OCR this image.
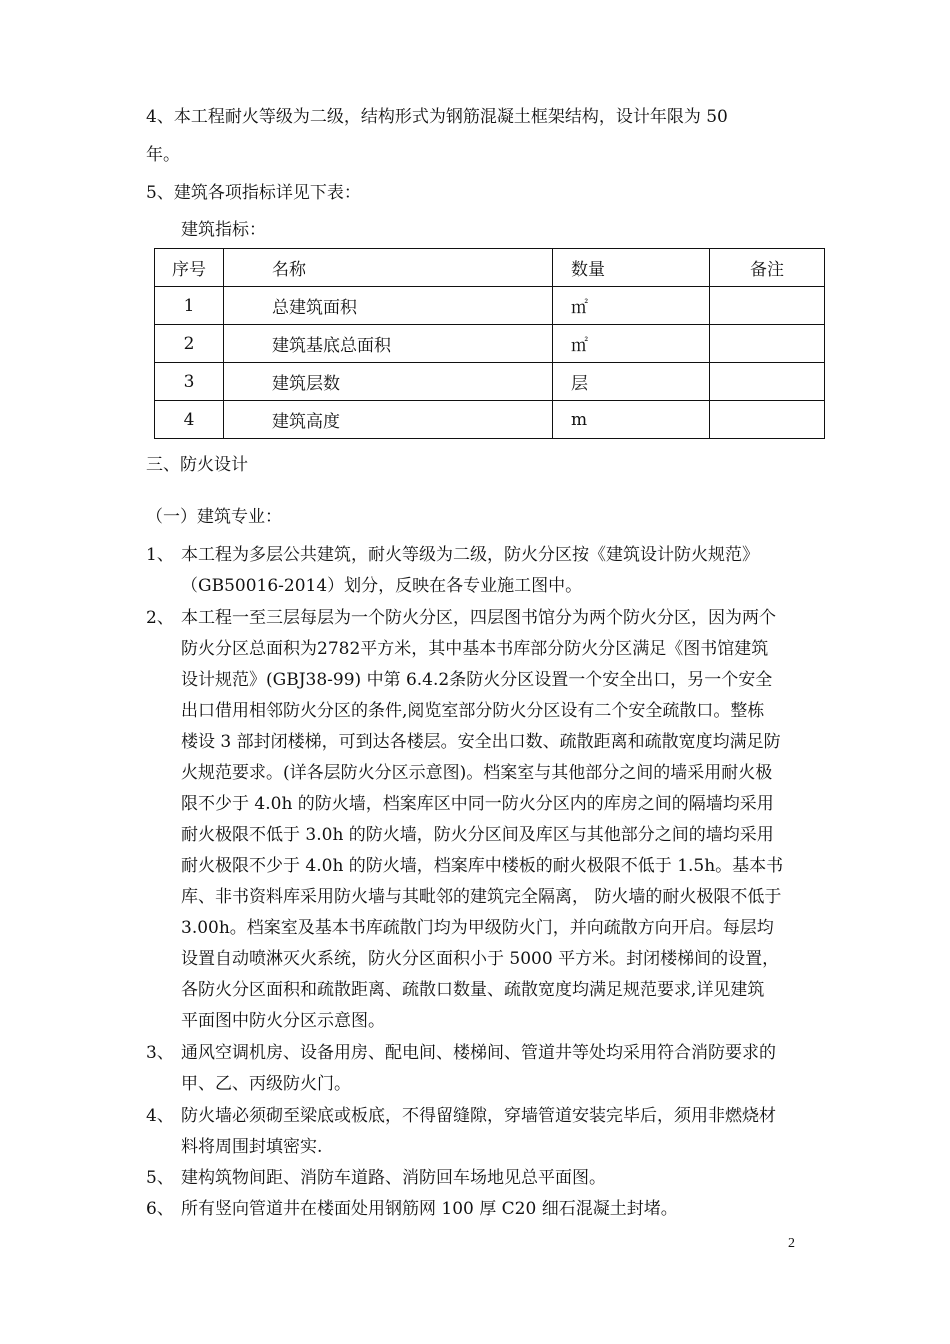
4、本工程耐火等级为二级，结构形式为钢筋混凝土框架结构，设计年限为 50
年。
5、建筑各项指标详见下表：
建筑指标：
序号	名称	数量	备注
1	总建筑面积	㎡	
2	建筑基底总面积	㎡	
3	建筑层数	层	
4	建筑高度	m	
三、防火设计
（一）建筑专业：
1、 本工程为多层公共建筑，耐火等级为二级，防火分区按《建筑设计防火规范》
（GB50016-2014）划分，反映在各专业施工图中。
2、 本工程一至三层每层为一个防火分区，四层图书馆分为两个防火分区，因为两个
防火分区总面积为2782平方米，其中基本书库部分防火分区满足《图书馆建筑
设计规范》(GBJ38-99) 中第 6.4.2条防火分区设置一个安全出口，另一个安全
出口借用相邻防火分区的条件,阅览室部分防火分区设有二个安全疏散口。整栋
楼设 3 部封闭楼梯，可到达各楼层。安全出口数、疏散距离和疏散宽度均满足防
火规范要求。(详各层防火分区示意图)。档案室与其他部分之间的墙采用耐火极
限不少于 4.0h 的防火墙，档案库区中同一防火分区内的库房之间的隔墙均采用
耐火极限不低于 3.0h 的防火墙，防火分区间及库区与其他部分之间的墙均采用
耐火极限不少于 4.0h 的防火墙，档案库中楼板的耐火极限不低于 1.5h。基本书
库、非书资料库采用防火墙与其毗邻的建筑完全隔离， 防火墙的耐火极限不低于
3.00h。档案室及基本书库疏散门均为甲级防火门，并向疏散方向开启。每层均
设置自动喷淋灭火系统，防火分区面积小于 5000 平方米。封闭楼梯间的设置，
各防火分区面积和疏散距离、疏散口数量、疏散宽度均满足规范要求,详见建筑
平面图中防火分区示意图。
3、 通风空调机房、设备用房、配电间、楼梯间、管道井等处均采用符合消防要求的
甲、乙、丙级防火门。
4、 防火墙必须砌至梁底或板底，不得留缝隙，穿墙管道安装完毕后，须用非燃烧材
料将周围封填密实.
5、 建构筑物间距、消防车道路、消防回车场地见总平面图。
6、 所有竖向管道井在楼面处用钢筋网 100 厚 C20 细石混凝土封堵。
2
